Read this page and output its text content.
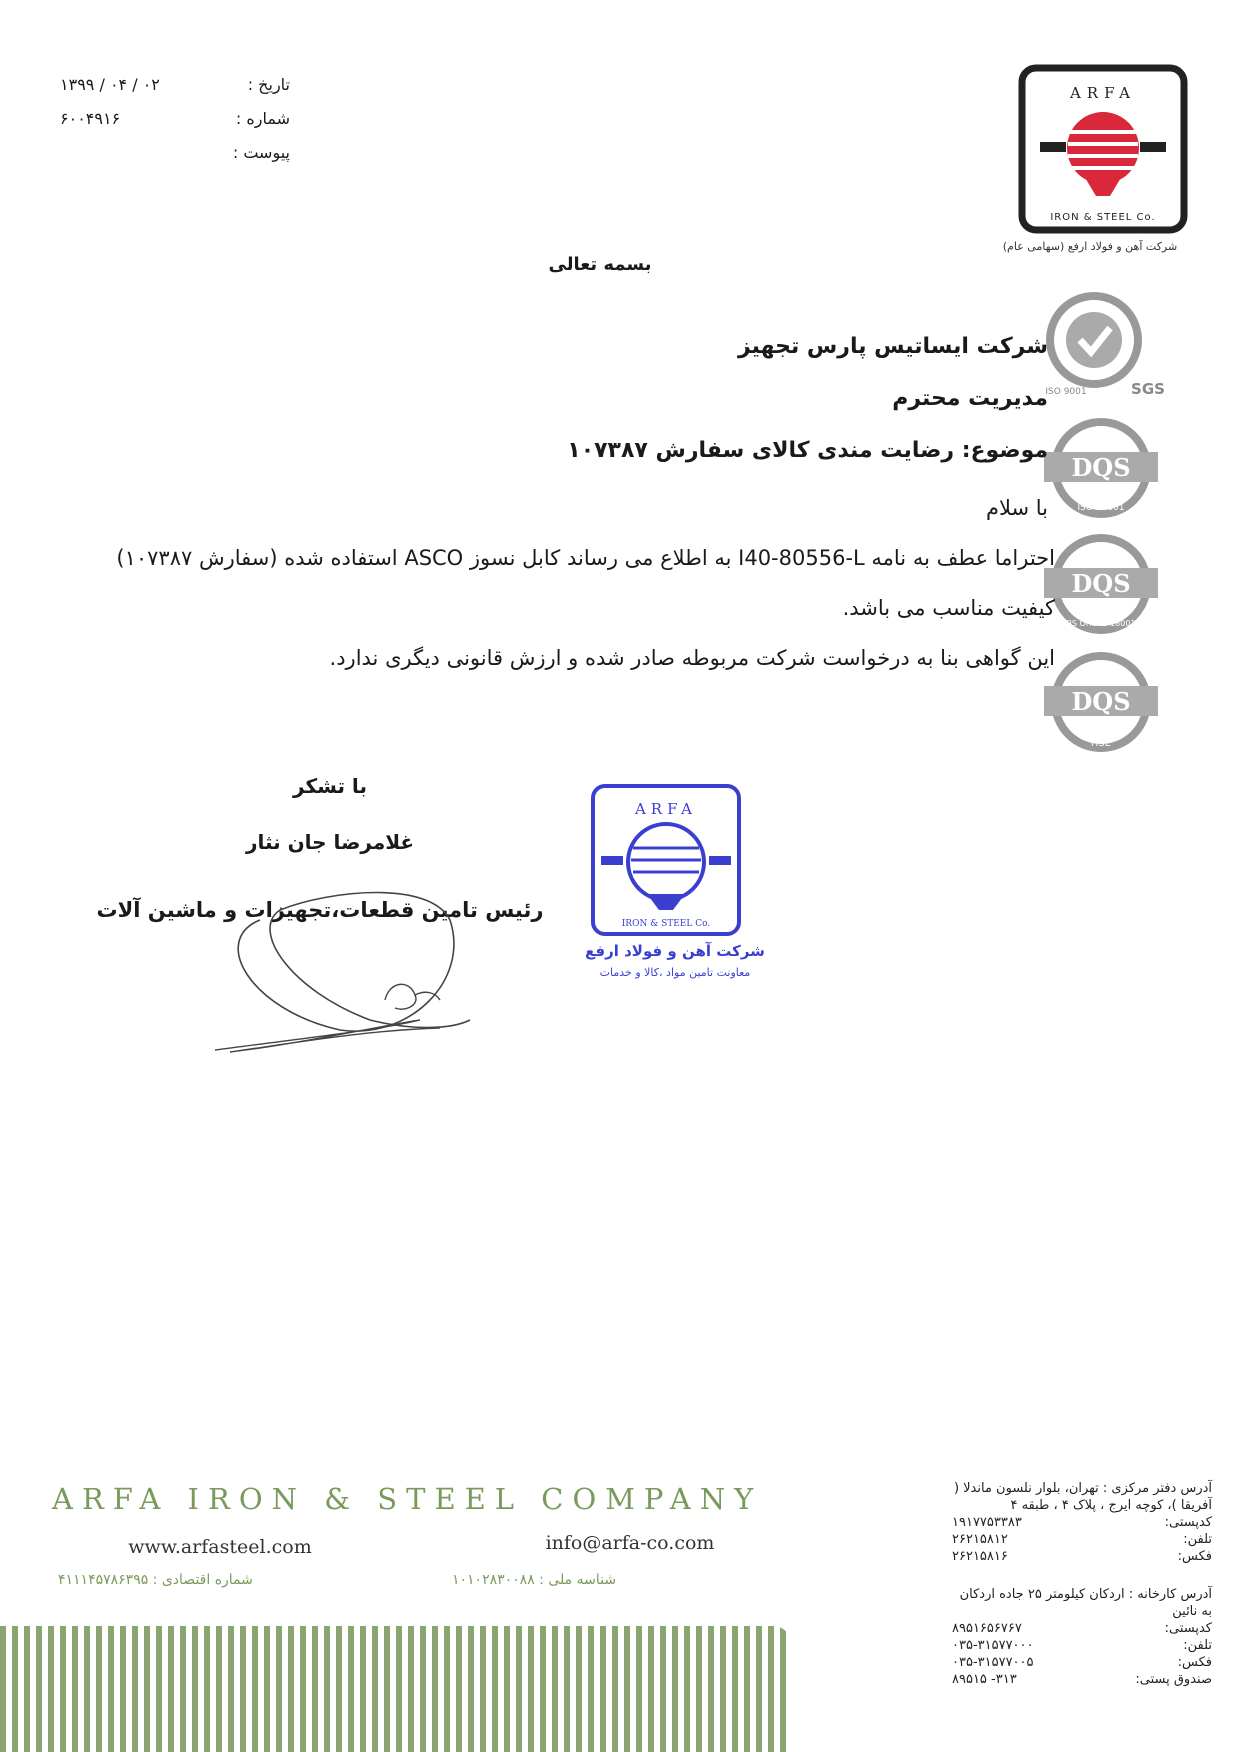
تاریخ :
۱۳۹۹ / ۰۴ / ۰۲
شماره :
۶۰۰۴۹۱۶
پیوست :
ARFA
IRON & STEEL Co.
شرکت آهن و فولاد ارفع (سهامی عام)
SGS
ISO 9001
DQS
ISO 14001
DQS
BS OHSAS 18001
DQS
HSE
بسمه تعالی
شرکت ایساتیس پارس تجهیز
مدیریت محترم
موضوع: رضایت مندی کالای سفارش ۱۰۷۳۸۷
با سلام
احتراما عطف به نامه I40-80556-L به اطلاع می رساند کابل نسوز ASCO استفاده شده (سفارش ۱۰۷۳۸۷)
کیفیت مناسب می باشد.
این گواهی بنا به درخواست شرکت مربوطه صادر شده و ارزش قانونی دیگری ندارد.
با تشکر
غلامرضا جان نثار
رئیس تامین قطعات،تجهیزات و ماشین آلات
ARFA
IRON & STEEL Co.
شرکت آهن و فولاد ارفع
معاونت تامین مواد ،کالا و خدمات
ARFA IRON & STEEL COMPANY
www.arfasteel.com	info@arfa-co.com
شماره اقتصادی : ۴۱۱۱۴۵۷۸۶۳۹۵	شناسه ملی : ۱۰۱۰۲۸۳۰۰۸۸
آدرس دفتر مرکزی : تهران، بلوار نلسون ماندلا ( آفریقا )، کوچه ایرج ، پلاک ۴ ، طبقه ۴
کدپستی:
۱۹۱۷۷۵۳۳۸۳
تلفن:
۲۶۲۱۵۸۱۲
فکس:
۲۶۲۱۵۸۱۶
آدرس کارخانه : اردکان کیلومتر ۲۵ جاده اردکان به نائین
کدپستی:
۸۹۵۱۶۵۶۷۶۷
تلفن:
۰۳۵-۳۱۵۷۷۰۰۰
فکس:
۰۳۵-۳۱۵۷۷۰۰۵
صندوق پستی:
۸۹۵۱۵ -۳۱۳
